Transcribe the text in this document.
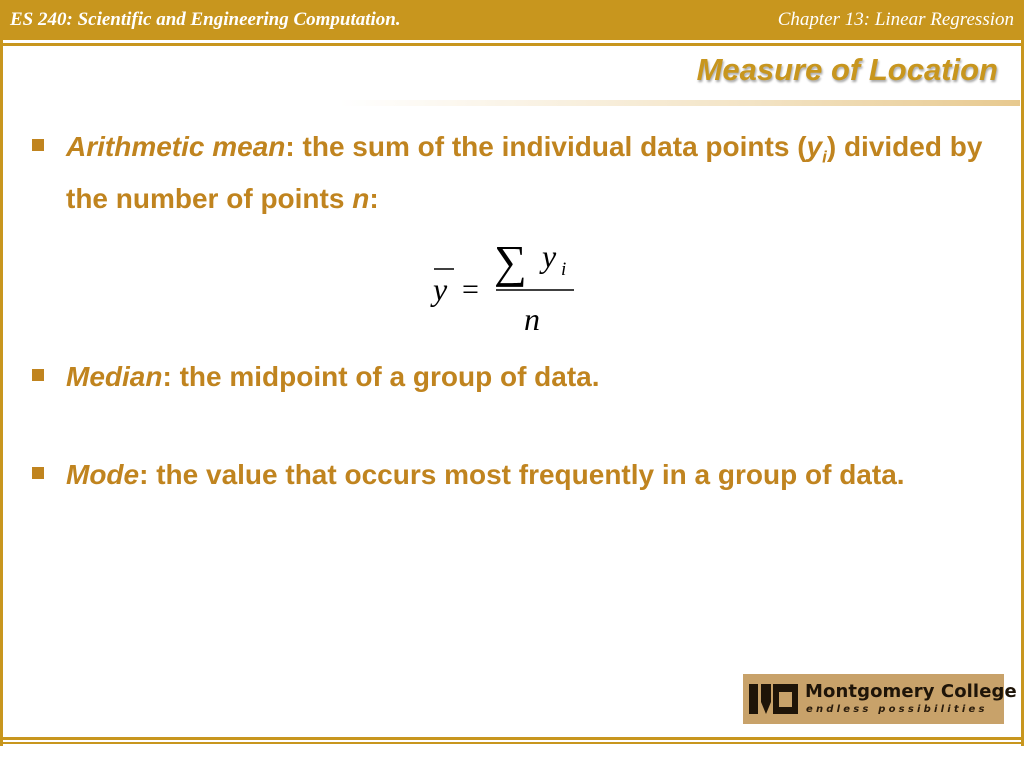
ES 240: Scientific and Engineering Computation.	Chapter 13: Linear Regression
Measure of Location
Arithmetic mean: the sum of the individual data points $(y_i)$ divided by the number of points n:
y =
∑ y i
n
Median: the midpoint of a group of data.
Mode: the value that occurs most frequently in a group of data.
Montgomery College
endless possibilities
